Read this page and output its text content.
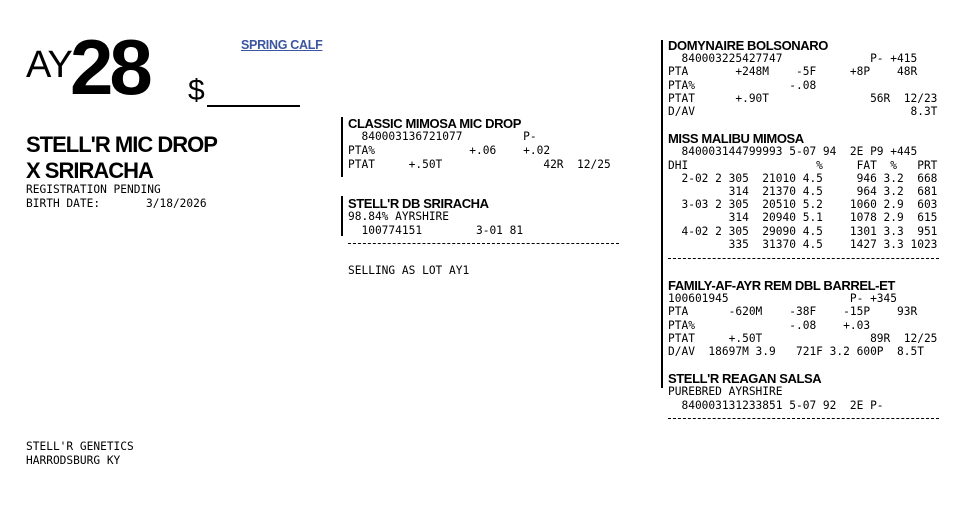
AY
28 $
SPRING CALF
STELL'R MIC DROP
X SRIRACHA
REGISTRATION PENDING
BIRTH DATE:	3/18/2026
STELL'R GENETICS
HARRODSBURG KY
CLASSIC MIMOSA MIC DROP
840003136721077         P-
PTA%              +.06    +.02
PTAT     +.50T               42R  12/25
STELL'R DB SRIRACHA
98.84% AYRSHIRE
100774151        3-01 81
SELLING AS LOT AY1
DOMYNAIRE BOLSONARO
840003225427747             P- +415
PTA       +248M    -5F     +8P    48R
PTA%              -.08
PTAT      +.90T               56R  12/23
D/AV                                8.3T
MISS MALIBU MIMOSA
840003144799993 5-07 94  2E P9 +445
DHI                   %     FAT  %   PRT
2-02 2 305  21010 4.5     946 3.2  668
314  21370 4.5     964 3.2  681
3-03 2 305  20510 5.2    1060 2.9  603
314  20940 5.1    1078 2.9  615
4-02 2 305  29090 4.5    1301 3.3  951
335  31370 4.5    1427 3.3 1023
FAMILY-AF-AYR REM DBL BARREL-ET
100601945                  P- +345
PTA      -620M    -38F    -15P    93R
PTA%              -.08    +.03
PTAT     +.50T                89R  12/25
D/AV  18697M 3.9   721F 3.2 600P  8.5T
STELL'R REAGAN SALSA
PUREBRED AYRSHIRE
840003131233851 5-07 92  2E P-
